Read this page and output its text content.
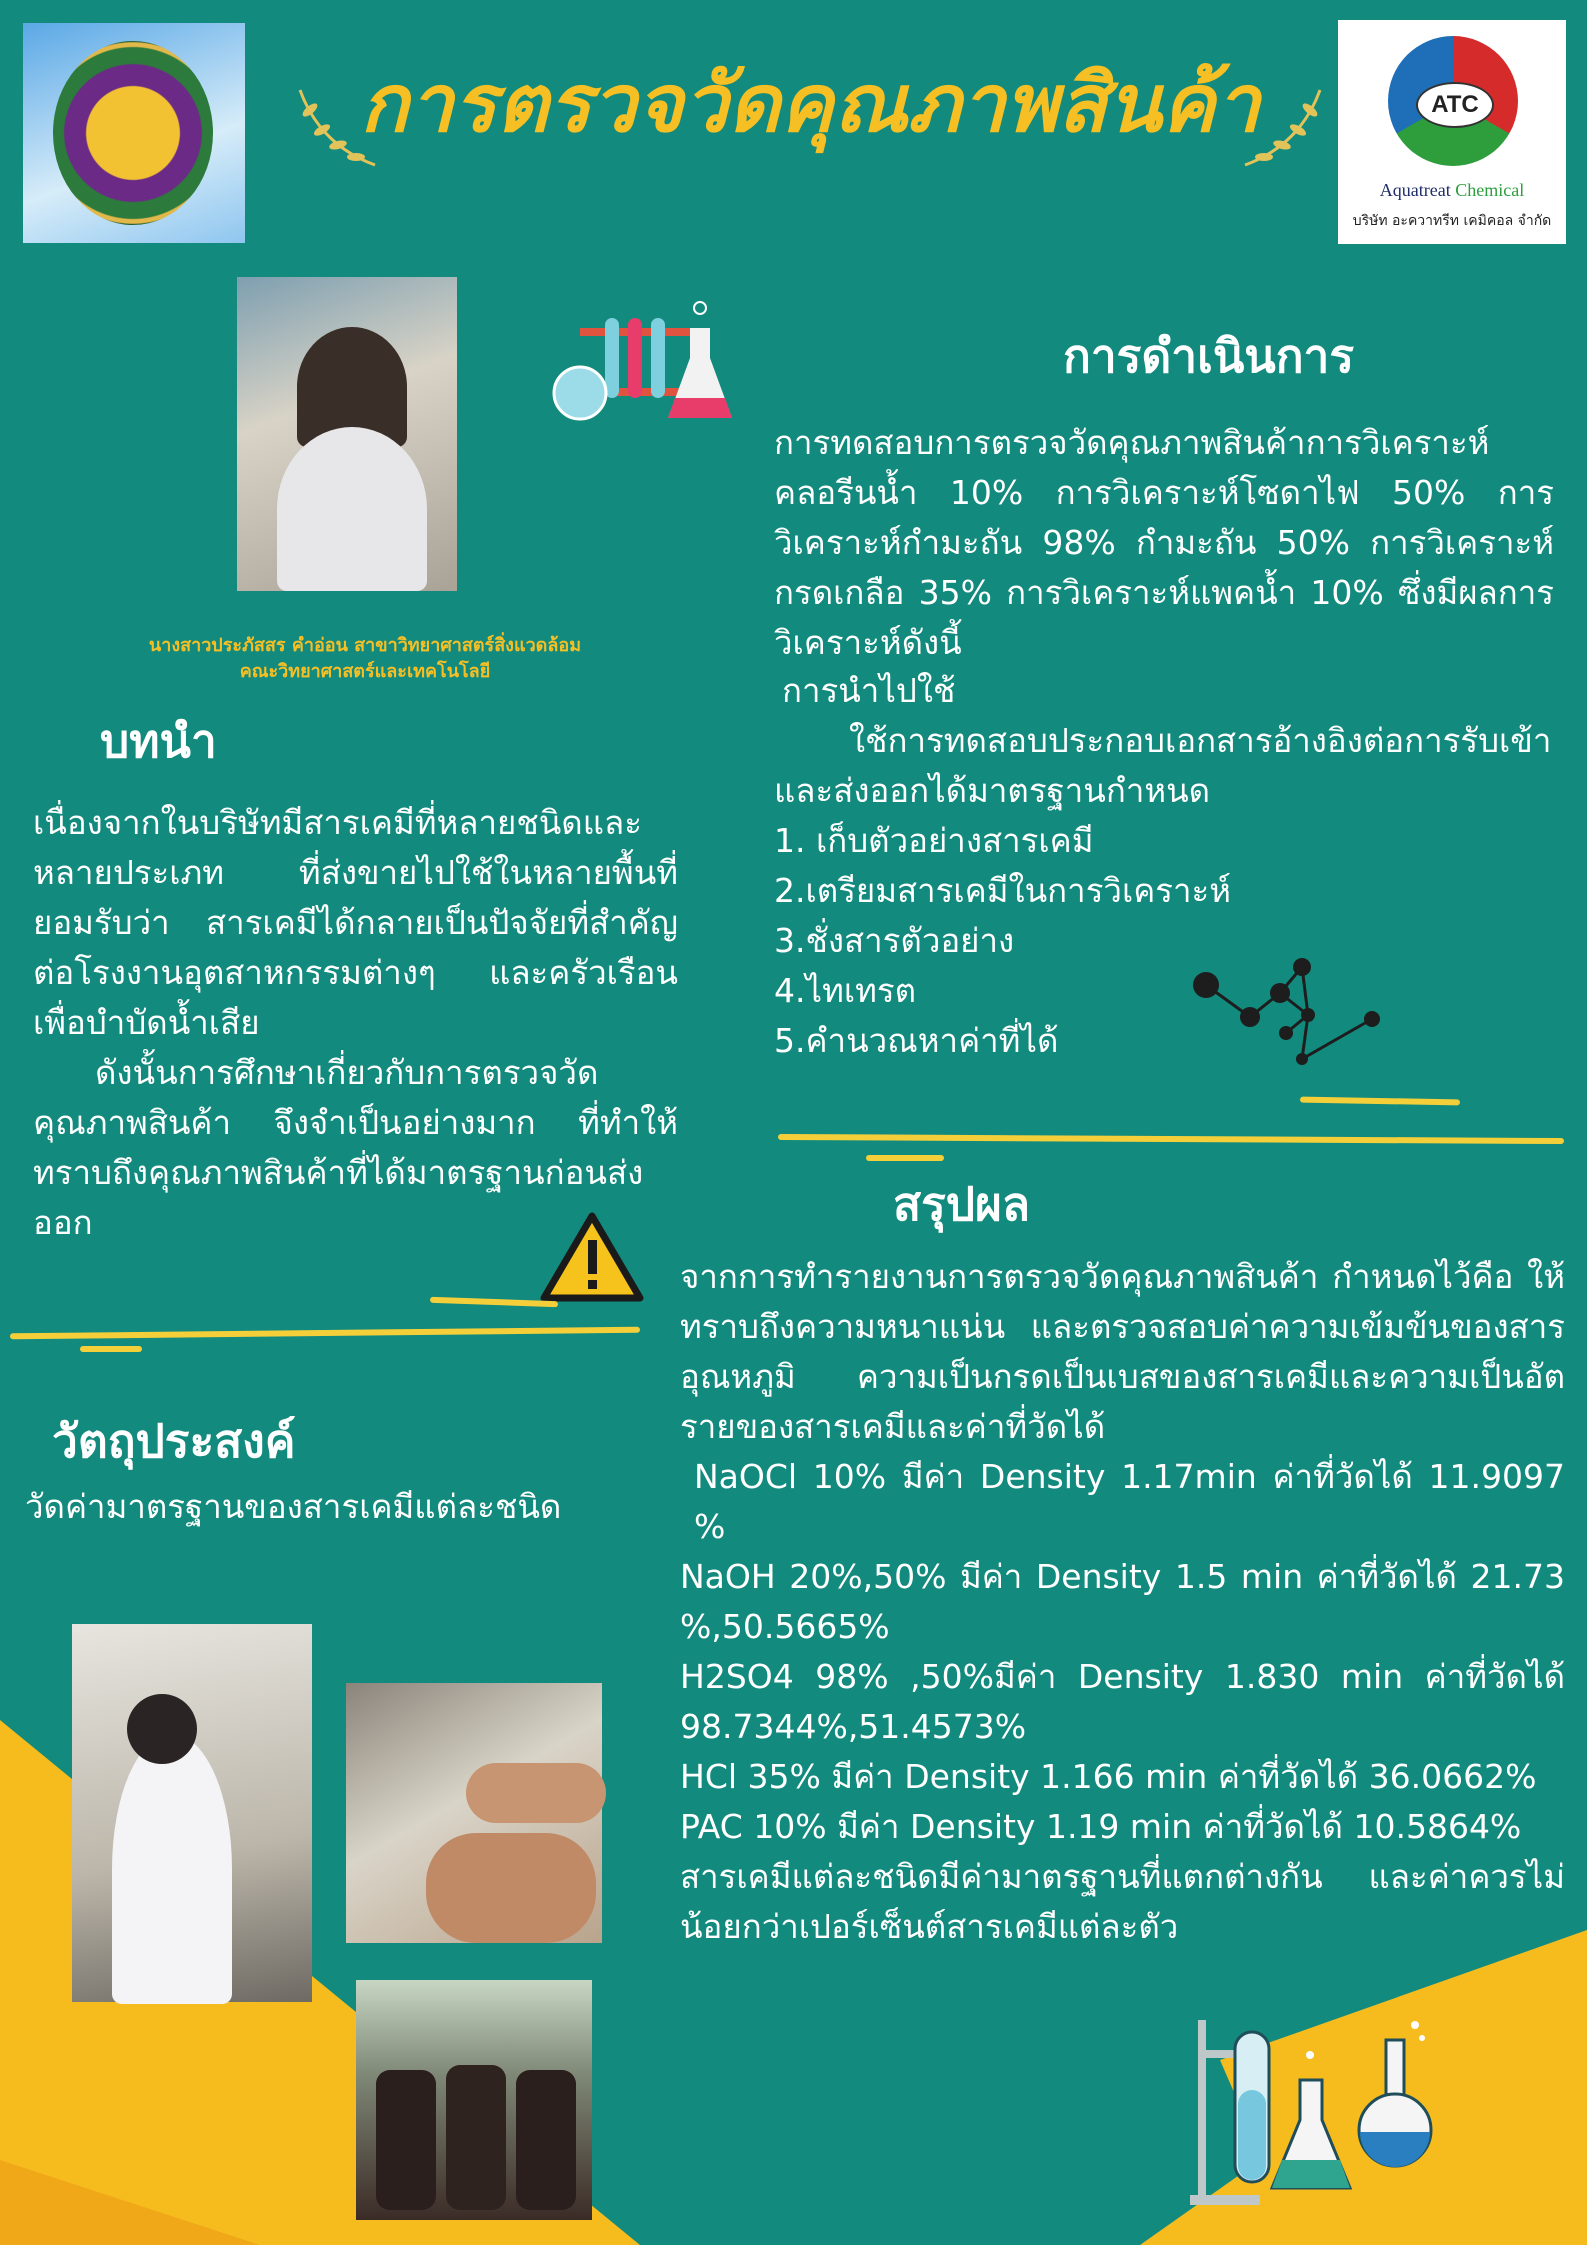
การตรวจวัดคุณภาพสินค้า	ATC
Aquatreat Chemical
บริษัท อะควาทรีท เคมิคอล จำกัด
นางสาวประภัสสร คำอ่อน สาขาวิทยาศาสตร์สิ่งแวดล้อม
คณะวิทยาศาสตร์และเทคโนโลยี
บทนำ

เนื่องจากในบริษัทมีสารเคมีที่หลายชนิดและหลายประเภท ที่ส่งขายไปใช้ในหลายพื้นที่ ยอมรับว่า สารเคมีได้กลายเป็นปัจจัยที่สำคัญต่อโรงงานอุตสาหกรรมต่างๆ และครัวเรือน เพื่อบำบัดน้ำเสีย

ดังนั้นการศึกษาเกี่ยวกับการตรวจวัดคุณภาพสินค้า จึงจำเป็นอย่างมาก ที่ทำให้ทราบถึงคุณภาพสินค้าที่ได้มาตรฐานก่อนส่งออก

วัตถุประสงค์
วัดค่ามาตรฐานของสารเคมีแต่ละชนิด
การดำเนินการ
การทดสอบการตรวจวัดคุณภาพสินค้าการวิเคราะห์คลอรีนน้ำ 10% การวิเคราะห์โซดาไฟ 50% การวิเคราะห์กำมะถัน 98% กำมะถัน 50% การวิเคราะห์กรดเกลือ 35% การวิเคราะห์แพคน้ำ 10% ซึ่งมีผลการวิเคราะห์ดังนี้
การนำไปใช้
ใช้การทดสอบประกอบเอกสารอ้างอิงต่อการรับเข้าและส่งออกได้มาตรฐานกำหนด

1. เก็บตัวอย่างสารเคมี

2.เตรียมสารเคมีในการวิเคราะห์

3.ชั่งสารตัวอย่าง

4.ไทเทรต

5.คำนวณหาค่าที่ได้

สรุปผล

จากการทำรายงานการตรวจวัดคุณภาพสินค้า กำหนดไว้คือ ให้ทราบถึงความหนาแน่น และตรวจสอบค่าความเข้มข้นของสาร อุณหภูมิ ความเป็นกรดเป็นเบสของสารเคมีและความเป็นอัตรายของสารเคมีและค่าที่วัดได้

NaOCl 10% มีค่า Density 1.17min ค่าที่วัดได้ 11.9097 %

NaOH 20%,50% มีค่า Density 1.5 min ค่าที่วัดได้ 21.73 %,50.5665%

H2SO4 98% ,50%มีค่า Density 1.830 min ค่าที่วัดได้ 98.7344%,51.4573%

HCl 35% มีค่า Density 1.166 min ค่าที่วัดได้ 36.0662%

PAC 10% มีค่า Density 1.19 min ค่าที่วัดได้ 10.5864%

สารเคมีแต่ละชนิดมีค่ามาตรฐานที่แตกต่างกัน และค่าควรไม่น้อยกว่าเปอร์เซ็นต์สารเคมีแต่ละตัว
